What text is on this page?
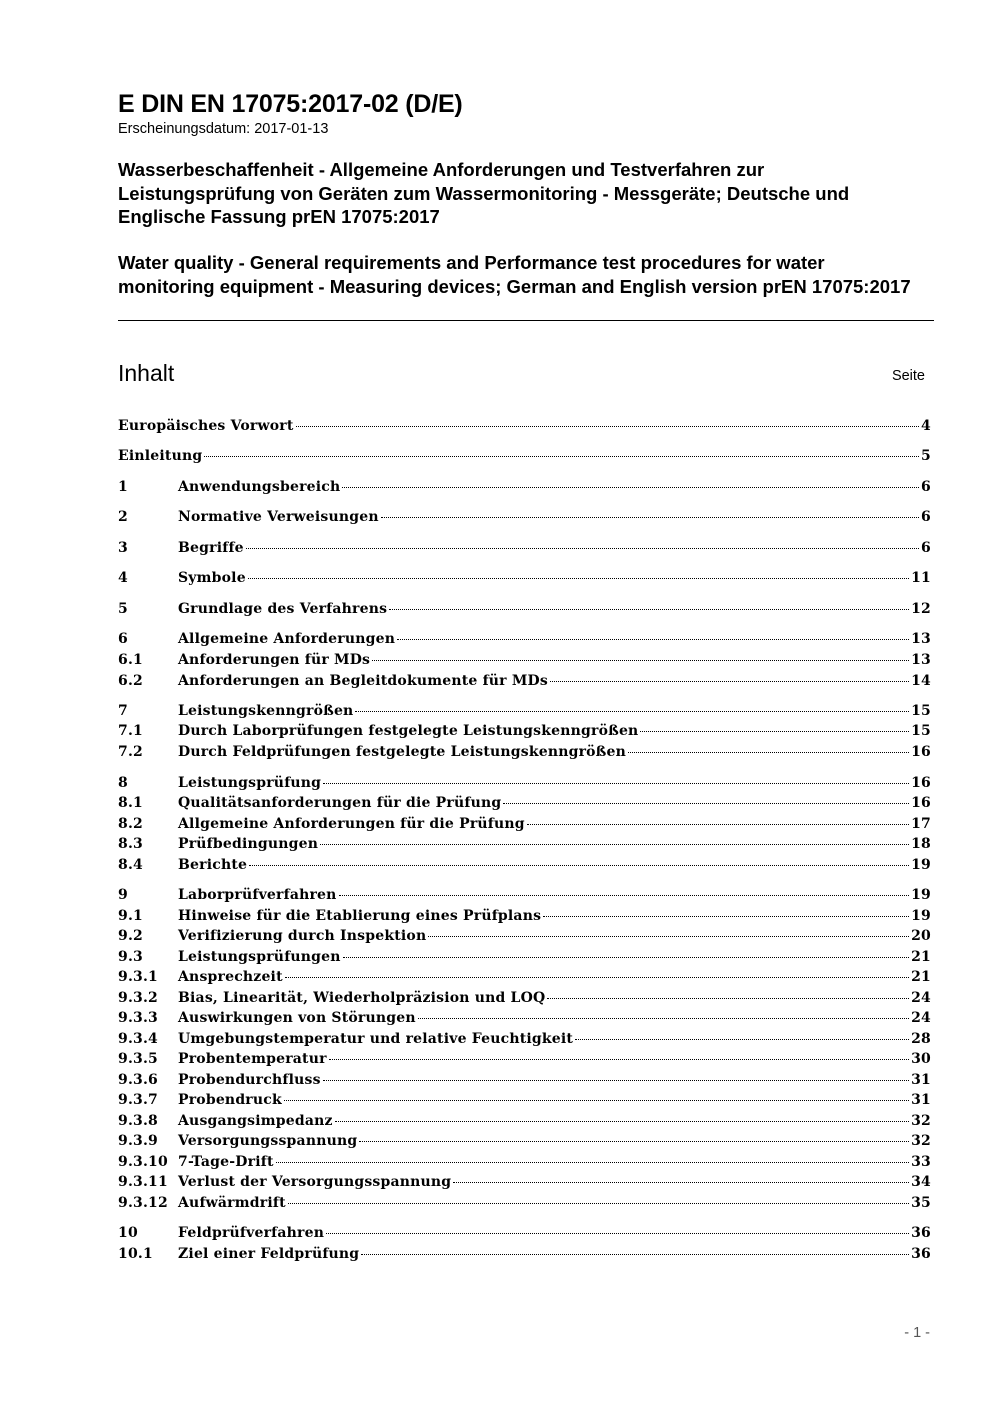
E DIN EN 17075:2017-02 (D/E)
Erscheinungsdatum: 2017-01-13
Wasserbeschaffenheit - Allgemeine Anforderungen und Testverfahren zur Leistungsprüfung von Geräten zum Wassermonitoring - Messgeräte; Deutsche und Englische Fassung prEN 17075:2017
Water quality - General requirements and Performance test procedures for water monitoring equipment - Measuring devices; German and English version prEN 17075:2017
Inhalt	Seite
Europäisches Vorwort	4
Einleitung	5
1	Anwendungsbereich	6
2	Normative Verweisungen	6
3	Begriffe	6
4	Symbole	11
5	Grundlage des Verfahrens	12
6	Allgemeine Anforderungen	13
6.1	Anforderungen für MDs	13
6.2	Anforderungen an Begleitdokumente für MDs	14
7	Leistungskenngrößen	15
7.1	Durch Laborprüfungen festgelegte Leistungskenngrößen	15
7.2	Durch Feldprüfungen festgelegte Leistungskenngrößen	16
8	Leistungsprüfung	16
8.1	Qualitätsanforderungen für die Prüfung	16
8.2	Allgemeine Anforderungen für die Prüfung	17
8.3	Prüfbedingungen	18
8.4	Berichte	19
9	Laborprüfverfahren	19
9.1	Hinweise für die Etablierung eines Prüfplans	19
9.2	Verifizierung durch Inspektion	20
9.3	Leistungsprüfungen	21
9.3.1	Ansprechzeit	21
9.3.2	Bias, Linearität, Wiederholpräzision und LOQ	24
9.3.3	Auswirkungen von Störungen	24
9.3.4	Umgebungstemperatur und relative Feuchtigkeit	28
9.3.5	Probentemperatur	30
9.3.6	Probendurchfluss	31
9.3.7	Probendruck	31
9.3.8	Ausgangsimpedanz	32
9.3.9	Versorgungsspannung	32
9.3.10 7-Tage-Drift	33
9.3.11 Verlust der Versorgungsspannung	34
9.3.12 Aufwärmdrift	35
10	Feldprüfverfahren	36
10.1	Ziel einer Feldprüfung	36
- 1 -
